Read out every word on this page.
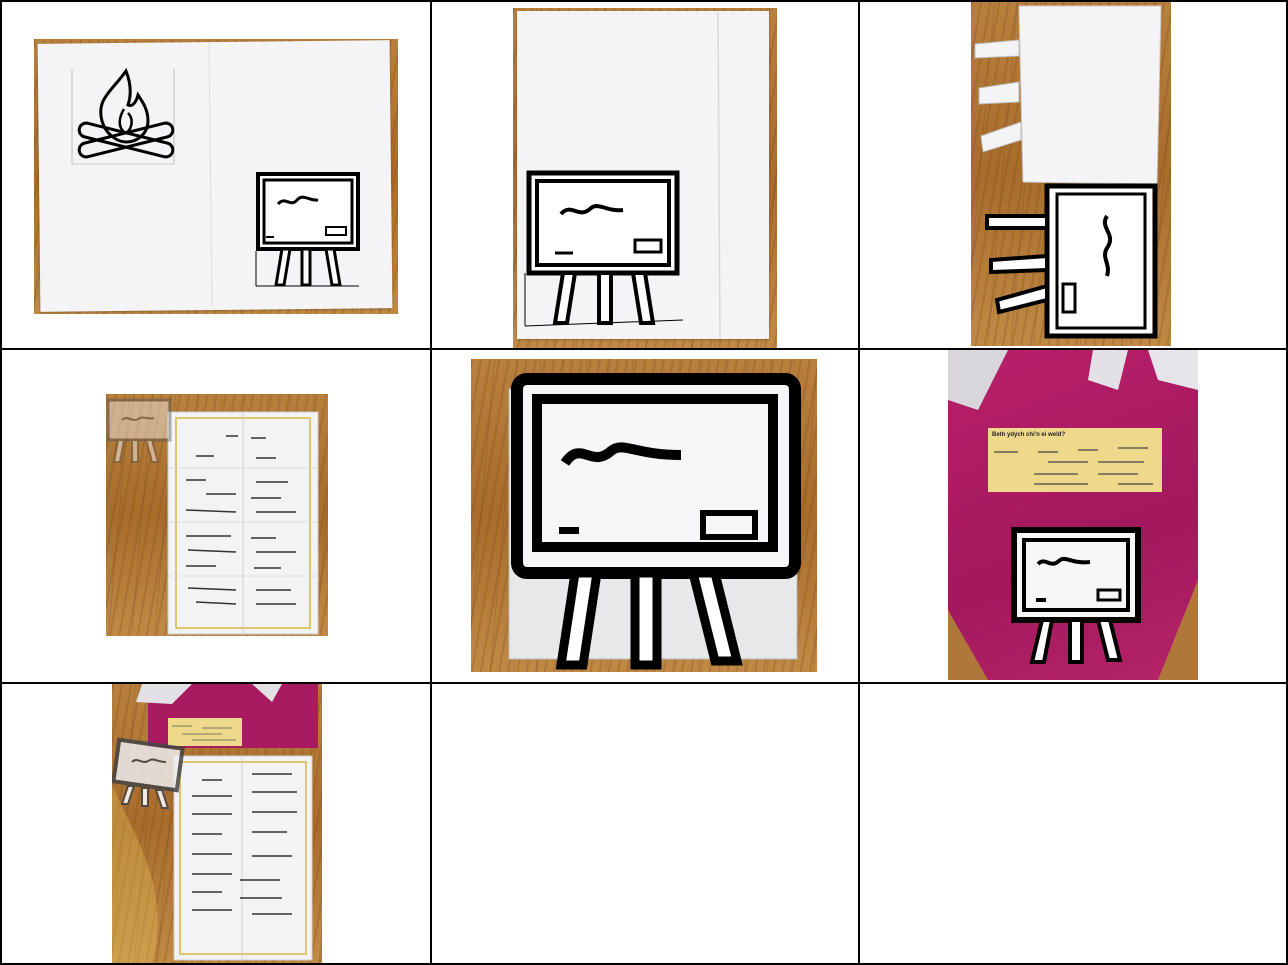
Beth ydych chi'n ei weld?
